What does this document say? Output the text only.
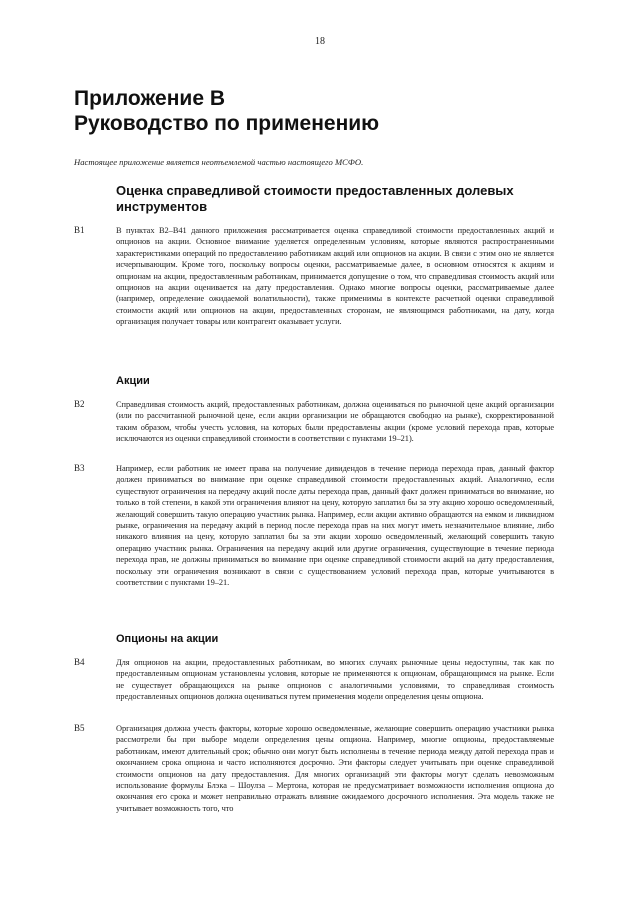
18
Приложение В
Руководство по применению
Настоящее приложение является неотъемлемой частью настоящего МСФО.
Оценка справедливой стоимости предоставленных долевых инструментов
B1	В пунктах B2–B41 данного приложения рассматривается оценка справедливой стоимости предоставленных акций и опционов на акции. Основное внимание уделяется определенным условиям, которые являются распространенными характеристиками операций по предоставлению работникам акций или опционов на акции. В связи с этим оно не является исчерпывающим. Кроме того, поскольку вопросы оценки, рассматриваемые далее, в основном относятся к акциям и опционам на акции, предоставленным работникам, принимается допущение о том, что справедливая стоимость акций или опционов на акции оценивается на дату предоставления. Однако многие вопросы оценки, рассматриваемые далее (например, определение ожидаемой волатильности), также применимы в контексте расчетной оценки справедливой стоимости акций или опционов на акции, предоставленных сторонам, не являющимся работниками, на дату, когда организация получает товары или контрагент оказывает услуги.
Акции
B2	Справедливая стоимость акций, предоставленных работникам, должна оцениваться по рыночной цене акций организации (или по рассчитанной рыночной цене, если акции организации не обращаются свободно на рынке), скорректированной таким образом, чтобы учесть условия, на которых были предоставлены акции (кроме условий перехода прав, которые исключаются из оценки справедливой стоимости в соответствии с пунктами 19–21).
B3	Например, если работник не имеет права на получение дивидендов в течение периода перехода прав, данный фактор должен приниматься во внимание при оценке справедливой стоимости предоставленных акций. Аналогично, если существуют ограничения на передачу акций после даты перехода прав, данный факт должен приниматься во внимание, но только в той степени, в какой эти ограничения влияют на цену, которую заплатил бы за эту акцию хорошо осведомленный, желающий совершить такую операцию участник рынка. Например, если акции активно обращаются на емком и ликвидном рынке, ограничения на передачу акций в период после перехода прав на них могут иметь незначительное влияние, либо никакого влияния на цену, которую заплатил бы за эти акции хорошо осведомленный, желающий совершить такую операцию участник рынка. Ограничения на передачу акций или другие ограничения, существующие в течение периода перехода прав, не должны приниматься во внимание при оценке справедливой стоимости акций на дату предоставления, поскольку эти ограничения возникают в связи с существованием условий перехода прав, которые учитываются в соответствии с пунктами 19–21.
Опционы на акции
B4	Для опционов на акции, предоставленных работникам, во многих случаях рыночные цены недоступны, так как по предоставленным опционам установлены условия, которые не применяются к опционам, обращающимся на рынке. Если не существует обращающихся на рынке опционов с аналогичными условиями, то справедливая стоимость предоставленных опционов должна оцениваться путем применения модели определения цены опциона.
B5	Организация должна учесть факторы, которые хорошо осведомленные, желающие совершить операцию участники рынка рассмотрели бы при выборе модели определения цены опциона. Например, многие опционы, предоставляемые работникам, имеют длительный срок; обычно они могут быть исполнены в течение периода между датой перехода прав и окончанием срока опциона и часто исполняются досрочно. Эти факторы следует учитывать при оценке справедливой стоимости опционов на дату предоставления. Для многих организаций эти факторы могут сделать невозможным использование формулы Блэка – Шоулза – Мертона, которая не предусматривает возможности исполнения опциона до окончания его срока и может неправильно отражать влияние ожидаемого досрочного исполнения. Эта модель также не учитывает возможность того, что
